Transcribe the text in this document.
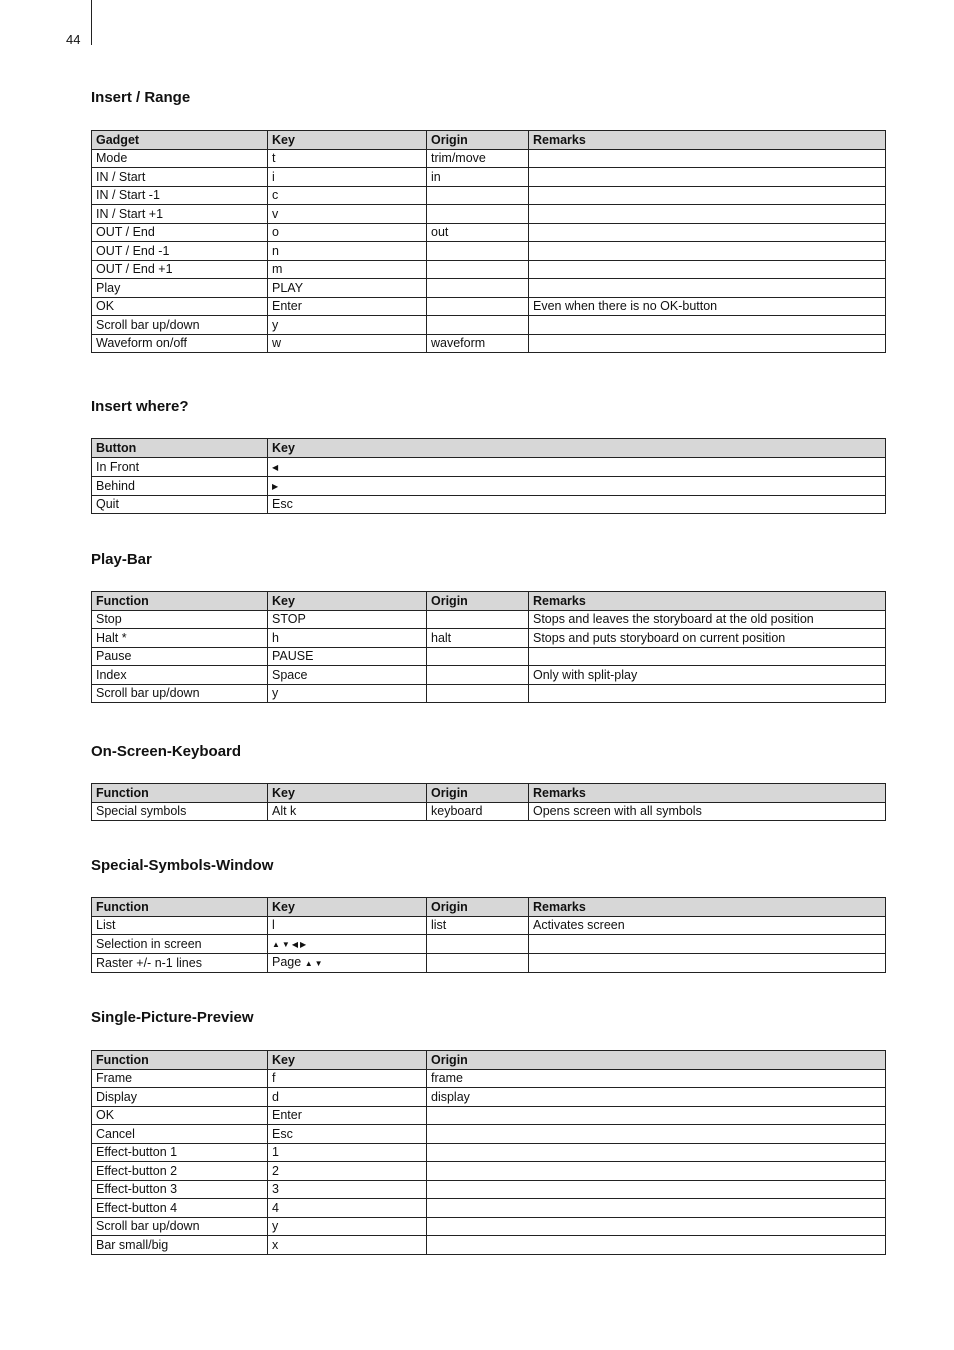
44
Insert / Range
Gadget	Key	Origin	Remarks
Mode	t	trim/move	
IN / Start	i	in	
IN / Start -1	c		
IN / Start +1	v		
OUT / End	o	out	
OUT / End -1	n		
OUT / End +1	m		
Play	PLAY		
OK	Enter		Even when there is no OK-button
Scroll bar up/down	y		
Waveform on/off	w	waveform	
Insert where?
Button	Key
In Front	◀
Behind	▶
Quit	Esc
Play-Bar
Function	Key	Origin	Remarks
Stop	STOP		Stops and leaves the storyboard at the old position
Halt *	h	halt	Stops and puts storyboard on current position
Pause	PAUSE		
Index	Space		Only with split-play
Scroll bar up/down	y		
On-Screen-Keyboard
Function	Key	Origin	Remarks
Special symbols	Alt k	keyboard	Opens screen with all symbols
Special-Symbols-Window
Function	Key	Origin	Remarks
List	l	list	Activates screen
Selection in screen	▲▼◀▶		
Raster +/- n-1 lines	Page ▲▼		
Single-Picture-Preview
Function	Key	Origin
Frame	f	frame
Display	d	display
OK	Enter	
Cancel	Esc	
Effect-button 1	1	
Effect-button 2	2	
Effect-button 3	3	
Effect-button 4	4	
Scroll bar up/down	y	
Bar small/big	x	
